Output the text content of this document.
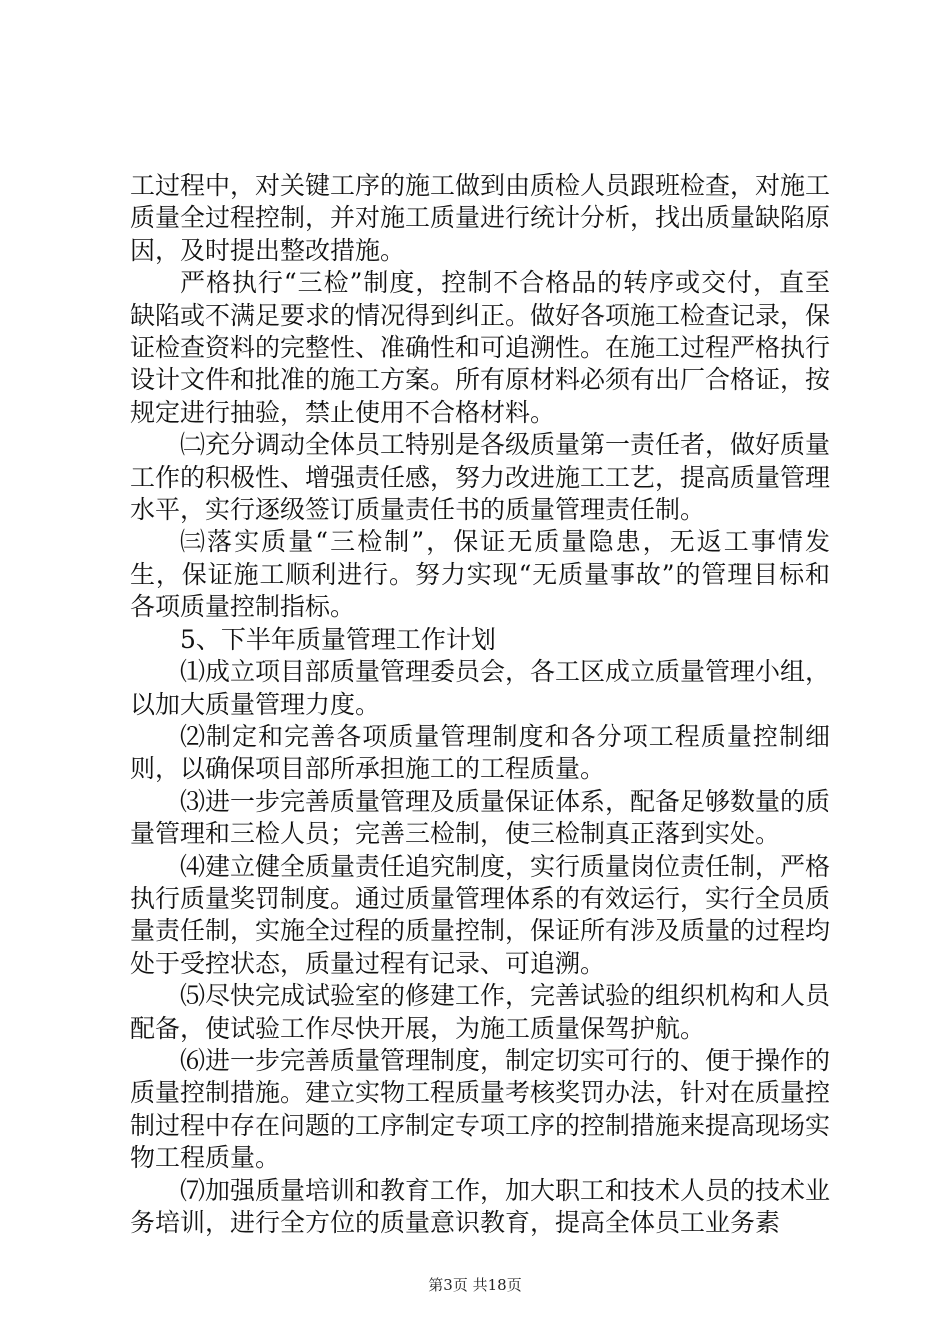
工过程中，对关键工序的施工做到由质检人员跟班检查，对施工质量全过程控制，并对施工质量进行统计分析，找出质量缺陷原因，及时提出整改措施。

严格执行“三检”制度，控制不合格品的转序或交付，直至缺陷或不满足要求的情况得到纠正。做好各项施工检查记录，保证检查资料的完整性、准确性和可追溯性。在施工过程严格执行设计文件和批准的施工方案。所有原材料必须有出厂合格证，按规定进行抽验，禁止使用不合格材料。

㈡充分调动全体员工特别是各级质量第一责任者，做好质量工作的积极性、增强责任感，努力改进施工工艺，提高质量管理水平，实行逐级签订质量责任书的质量管理责任制。

㈢落实质量“三检制”，保证无质量隐患，无返工事情发生，保证施工顺利进行。努力实现“无质量事故”的管理目标和各项质量控制指标。

5、下半年质量管理工作计划

⑴成立项目部质量管理委员会，各工区成立质量管理小组，以加大质量管理力度。

⑵制定和完善各项质量管理制度和各分项工程质量控制细则，以确保项目部所承担施工的工程质量。

⑶进一步完善质量管理及质量保证体系，配备足够数量的质量管理和三检人员；完善三检制，使三检制真正落到实处。

⑷建立健全质量责任追究制度，实行质量岗位责任制，严格执行质量奖罚制度。通过质量管理体系的有效运行，实行全员质量责任制，实施全过程的质量控制，保证所有涉及质量的过程均处于受控状态，质量过程有记录、可追溯。

⑸尽快完成试验室的修建工作，完善试验的组织机构和人员配备，使试验工作尽快开展，为施工质量保驾护航。

⑹进一步完善质量管理制度，制定切实可行的、便于操作的质量控制措施。建立实物工程质量考核奖罚办法，针对在质量控制过程中存在问题的工序制定专项工序的控制措施来提高现场实物工程质量。

⑺加强质量培训和教育工作，加大职工和技术人员的技术业务培训，进行全方位的质量意识教育，提高全体员工业务素

第3页 共18页
